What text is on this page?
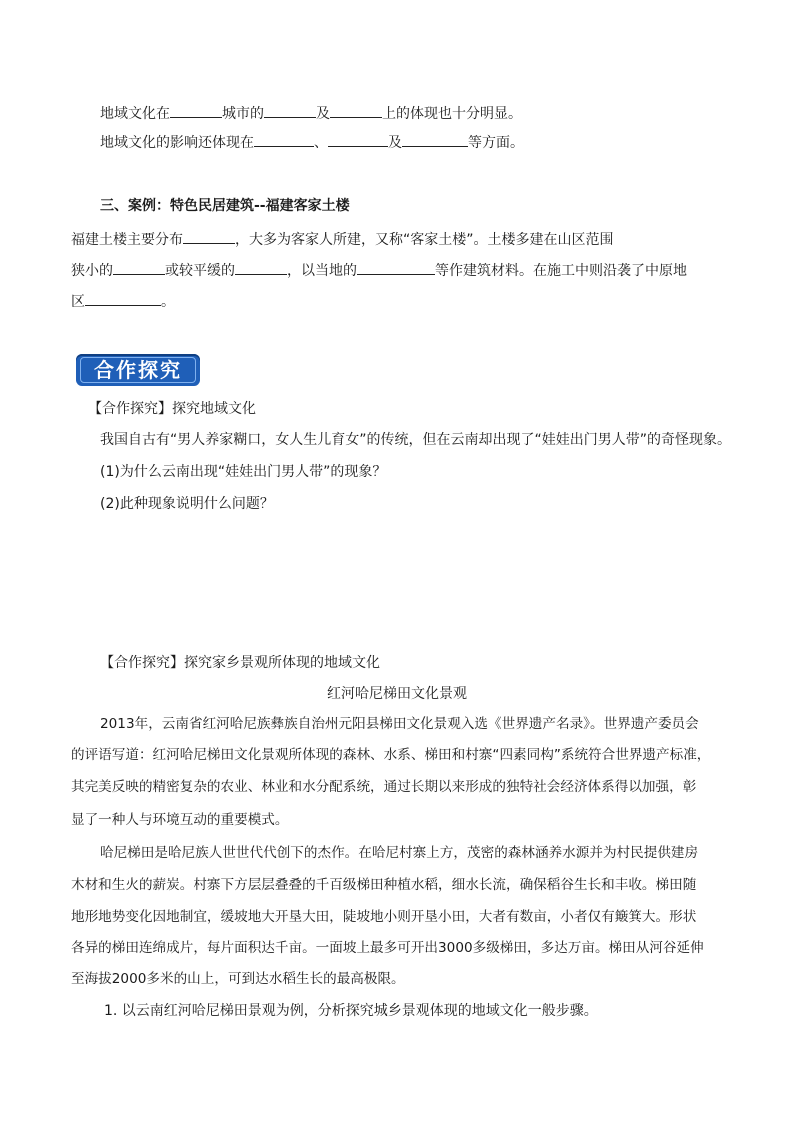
地域文化在	城市的	及	上的体现也十分明显。
地域文化的影响还体现在	、	及	等方面。
三、案例：特色民居建筑--福建客家土楼
福建土楼主要分布	，大多为客家人所建，又称“客家土楼”。土楼多建在山区范围
狭小的	或较平缓的	，以当地的	等作建筑材料。在施工中则沿袭了中原地
区	。
合作探究
【合作探究】探究地域文化
我国自古有“男人养家糊口，女人生儿育女”的传统，但在云南却出现了“娃娃出门男人带”的奇怪现象。
(1)为什么云南出现“娃娃出门男人带”的现象？
(2)此种现象说明什么问题？
【合作探究】探究家乡景观所体现的地域文化
红河哈尼梯田文化景观
2013年，云南省红河哈尼族彝族自治州元阳县梯田文化景观入选《世界遗产名录》。世界遗产委员会
的评语写道：红河哈尼梯田文化景观所体现的森林、水系、梯田和村寨“四素同构”系统符合世界遗产标准，
其完美反映的精密复杂的农业、林业和水分配系统，通过长期以来形成的独特社会经济体系得以加强，彰
显了一种人与环境互动的重要模式。
哈尼梯田是哈尼族人世世代代创下的杰作。在哈尼村寨上方，茂密的森林涵养水源并为村民提供建房
木材和生火的薪炭。村寨下方层层叠叠的千百级梯田种植水稻，细水长流，确保稻谷生长和丰收。梯田随
地形地势变化因地制宜，缓坡地大开垦大田，陡坡地小则开垦小田，大者有数亩，小者仅有簸箕大。形状
各异的梯田连绵成片，每片面积达千亩。一面坡上最多可开出3000多级梯田，多达万亩。梯田从河谷延伸
至海拔2000多米的山上，可到达水稻生长的最高极限。
1. 以云南红河哈尼梯田景观为例，分析探究城乡景观体现的地域文化一般步骤。
